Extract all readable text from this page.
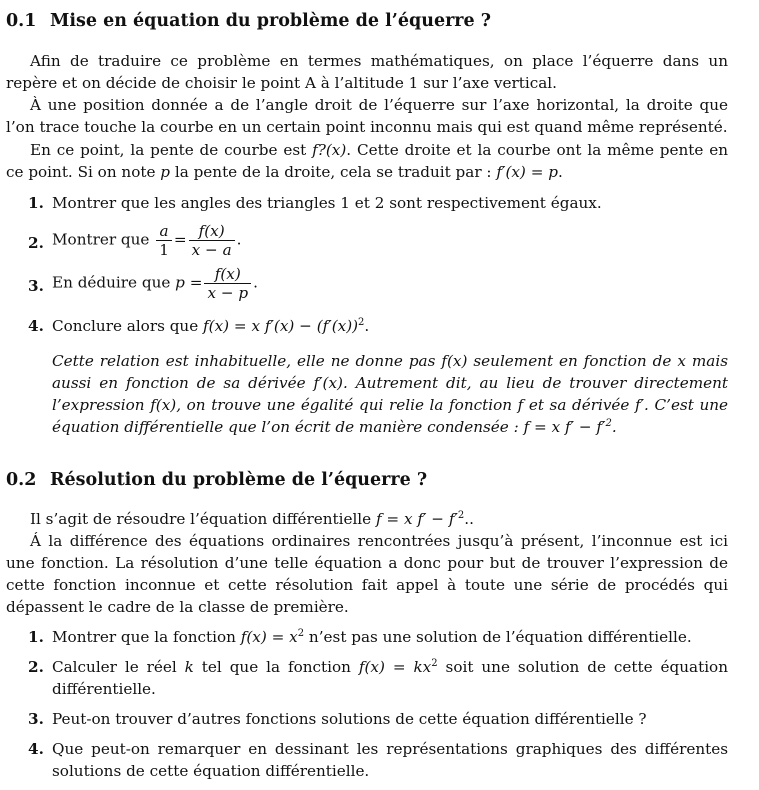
0.1 Mise en équation du problème de l’équerre ?

Afin de traduire ce problème en termes mathématiques, on place l’équerre dans un repère et on décide de choisir le point A à l’altitude 1 sur l’axe vertical.

À une position donnée a de l’angle droit de l’équerre sur l’axe horizontal, la droite que l’on trace touche la courbe en un certain point inconnu mais qui est quand même représenté.

En ce point, la pente de courbe est f?(x). Cette droite et la courbe ont la même pente en ce point. Si on note p la pente de la droite, cela se traduit par : f′(x) = p.

1. Montrer que les angles des triangles 1 et 2 sont respectivement égaux.
2. Montrer que $\frac{a}{1} = \frac{f(x)}{x - a}$ .
3. En déduire que $p = \frac{f(x)}{x - p}$ .
4. Conclure alors que f(x) = x $f'(x) - (f'(x))^2$.
Cette relation est inhabituelle, elle ne donne pas f(x) seulement en fonction de x mais aussi en fonction de sa dérivée f′(x). Autrement dit, au lieu de trouver directement l’expression f(x), on trouve une égalité qui relie la fonction f et sa dérivée f′. C’est une équation différentielle que l’on écrit de manière condensée : f = x $f' - f'^2$.
0.2 Résolution du problème de l’équerre ?

Il s’agit de résoudre l’équation différentielle f = x $f' - f'^2$..

Á la différence des équations ordinaires rencontrées jusqu’à présent, l’inconnue est ici une fonction. La résolution d’une telle équation a donc pour but de trouver l’expression de cette fonction inconnue et cette résolution fait appel à toute une série de procédés qui dépassent le cadre de la classe de première.

1. Montrer que la fonction $f(x) = x^2$ n’est pas une solution de l’équation différentielle.
2. Calculer le réel k tel que la fonction $f(x) = kx^2$ soit une solution de cette équation différentielle.
3. Peut-on trouver d’autres fonctions solutions de cette équation différentielle ?
4. Que peut-on remarquer en dessinant les représentations graphiques des différentes solutions de cette équation différentielle.
